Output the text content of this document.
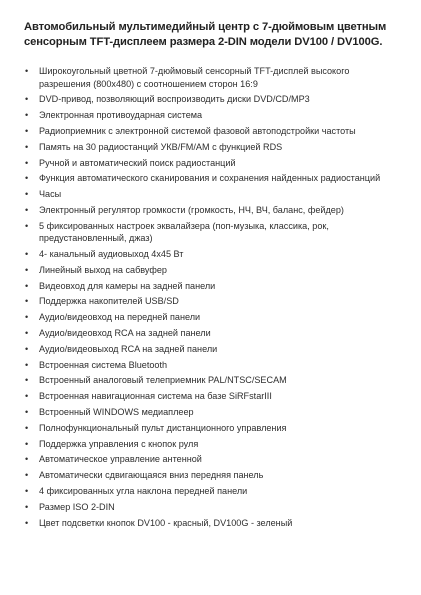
Автомобильный мультимедийный центр с 7-дюймовым цветным сенсорным TFT-дисплеем размера 2-DIN модели DV100 / DV100G.
• Широкоугольный цветной 7-дюймовый сенсорный TFT-дисплей высокого разрешения (800х480) с соотношением сторон 16:9
• DVD-привод, позволяющий воспроизводить диски DVD/CD/MP3
• Электронная противоударная система
• Радиоприемник с электронной системой фазовой автоподстройки частоты
• Память на 30 радиостанций УКВ/FM/AM с функцией RDS
• Ручной и автоматический поиск радиостанций
• Функция автоматического сканирования и сохранения найденных радиостанций
• Часы
• Электронный регулятор громкости (громкость, НЧ, ВЧ, баланс, фейдер)
• 5 фиксированных настроек эквалайзера (поп-музыка, классика, рок, предустановленный, джаз)
• 4- канальный аудиовыход 4х45 Вт
• Линейный выход на сабвуфер
• Видеовход для камеры на задней панели
• Поддержка накопителей USB/SD
• Аудио/видеовход на передней панели
• Аудио/видеовход RCA на задней панели
• Аудио/видеовыход RCA на задней панели
• Встроенная система Bluetooth
• Встроенный аналоговый телеприемник PAL/NTSC/SECAM
• Встроенная навигационная система на базе SiRFstarIII
• Встроенный WINDOWS медиаплеер
• Полнофункциональный пульт дистанционного управления
• Поддержка управления с кнопок руля
• Автоматическое управление антенной
• Автоматически сдвигающаяся вниз передняя панель
• 4 фиксированных угла наклона передней панели
• Размер ISO 2-DIN
• Цвет подсветки кнопок DV100 - красный, DV100G - зеленый
